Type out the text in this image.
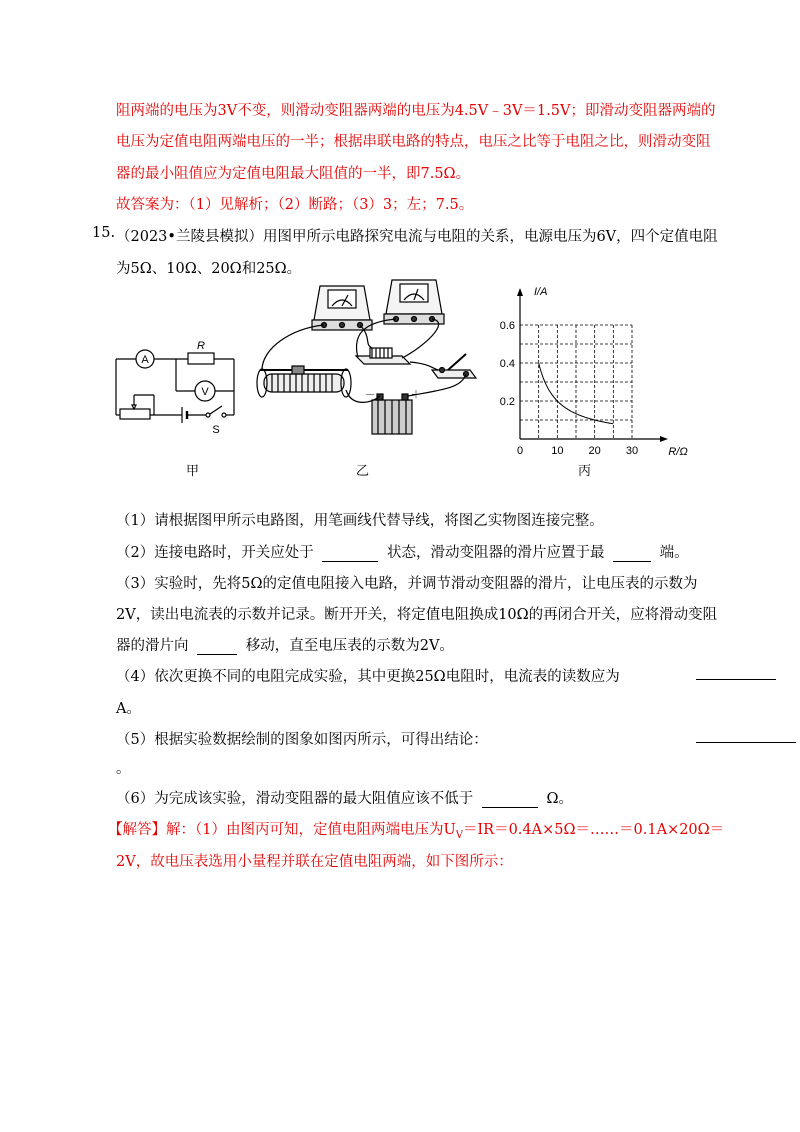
阻两端的电压为3V不变，则滑动变阻器两端的电压为4.5V﹣3V＝1.5V；即滑动变阻器两端的
电压为定值电阻两端电压的一半；根据串联电路的特点，电压之比等于电阻之比，则滑动变阻
器的最小阻值应为定值电阻最大阻值的一半，即7.5Ω。
故答案为：（1）见解析；（2）断路；（3）3；左；7.5。
15. （2023•兰陵县模拟）用图甲所示电路探究电流与电阻的关系，电源电压为6V，四个定值电阻
为5Ω、10Ω、20Ω和25Ω。
A
V
R
S
甲
－	＋
乙
0	10 20 30
0.2
0.4
0.6
R/Ω
I/A
丙
（1）请根据图甲所示电路图，用笔画线代替导线，将图乙实物图连接完整。
（2）连接电路时，开关应处于	状态，滑动变阻器的滑片应置于最	端。
（3）实验时，先将5Ω的定值电阻接入电路，并调节滑动变阻器的滑片，让电压表的示数为
2V，读出电流表的示数并记录。断开开关，将定值电阻换成10Ω的再闭合开关，应将滑动变阻
器的滑片向	移动，直至电压表的示数为2V。
（4）依次更换不同的电阻完成实验，其中更换25Ω电阻时，电流表的读数应为
A。
（5）根据实验数据绘制的图象如图丙所示，可得出结论：
。
（6）为完成该实验，滑动变阻器的最大阻值应该不低于	Ω。
【解答】解：（1）由图丙可知，定值电阻两端电压为$U_V=IR=0.4A\times 5\Omega=\dots\dots=0.1A\times 20\Omega=$
2V，故电压表选用小量程并联在定值电阻两端，如下图所示：
